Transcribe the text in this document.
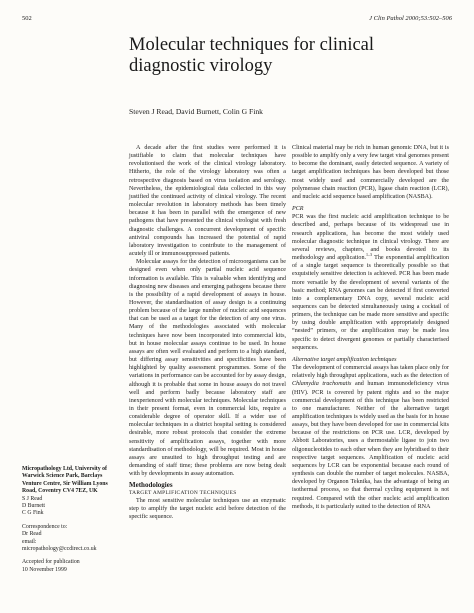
502	J Clin Pathol 2000;53:502–506
Molecular techniques for clinical diagnostic virology
Steven J Read, David Burnett, Colin G Fink
Micropathology Ltd, University of Warwick Science Park, Barclays Venture Centre, Sir William Lyons Road, Coventry CV4 7EZ, UK
S J Read
D Burnett
C G Fink
Correspondence to:
Dr Read
email:
micropathology@ccdirect.co.uk
Accepted for publication
10 November 1999

A decade after the first studies were performed it is justifiable to claim that molecular techniques have revolutionised the work of the clinical virology laboratory. Hitherto, the role of the virology laboratory was often a retrospective diagnosis based on virus isolation and serology. Nevertheless, the epidemiological data collected in this way justified the continued activity of clinical virology. The recent molecular revolution in laboratory methods has been timely because it has been in parallel with the emergence of new pathogens that have presented the clinical virologist with fresh diagnostic challenges. A concurrent development of specific antiviral compounds has increased the potential of rapid laboratory investigation to contribute to the management of acutely ill or immunosuppressed patients.

Molecular assays for the detection of microorganisms can be designed even when only partial nucleic acid sequence information is available. This is valuable when identifying and diagnosing new diseases and emerging pathogens because there is the possibility of a rapid development of assays in house. However, the standardisation of assay design is a continuing problem because of the large number of nucleic acid sequences that can be used as a target for the detection of any one virus. Many of the methodologies associated with molecular techniques have now been incorporated into commercial kits, but in house molecular assays continue to be used. In house assays are often well evaluated and perform to a high standard, but differing assay sensitivities and specificities have been highlighted by quality assessment programmes. Some of the variations in performance can be accounted for by assay design, although it is probable that some in house assays do not travel well and perform badly because laboratory staff are inexperienced with molecular techniques. Molecular techniques in their present format, even in commercial kits, require a considerable degree of operator skill. If a wider use of molecular techniques in a district hospital setting is considered desirable, more robust protocols that consider the extreme sensitivity of amplification assays, together with more standardisation of methodology, will be required. Most in house assays are unsuited to high throughput testing and are demanding of staff time; these problems are now being dealt with by developments in assay automation.

Methodologies
TARGET AMPLIFICATION TECHNIQUES

The most sensitive molecular techniques use an enzymatic step to amplify the target nucleic acid before detection of the specific sequence.

Clinical material may be rich in human genomic DNA, but it is possible to amplify only a very few target viral genomes present to become the dominant, easily detected sequence. A variety of target amplification techniques has been developed but those most widely used and commercially developed are the polymerase chain reaction (PCR), ligase chain reaction (LCR), and nucleic acid sequence based amplification (NASBA).

PCR

PCR was the first nucleic acid amplification technique to be described and, perhaps because of its widespread use in research applications, has become the most widely used molecular diagnostic technique in clinical virology. There are several reviews, chapters, and books devoted to its methodology and application.$^{1-3}$ The exponential amplification of a single target sequence is theoretically possible so that exquisitely sensitive detection is achieved. PCR has been made more versatile by the development of several variants of the basic method; RNA genomes can be detected if first converted into a complementary DNA copy, several nucleic acid sequences can be detected simultaneously using a cocktail of primers, the technique can be made more sensitive and specific by using double amplification with appropriately designed “nested” primers, or the amplification may be made less specific to detect divergent genomes or partially characterised sequences.

Alternative target amplification techniques

The development of commercial assays has taken place only for relatively high throughput applications, such as the detection of Chlamydia trachomatis and human immunodeficiency virus (HIV). PCR is covered by patent rights and so the major commercial development of this technique has been restricted to one manufacturer. Neither of the alternative target amplification techniques is widely used as the basis for in house assays, but they have been developed for use in commercial kits because of the restrictions on PCR use. LCR, developed by Abbott Laboratories, uses a thermostable ligase to join two oligonucleotides to each other when they are hybridised to their respective target sequences. Amplification of nucleic acid sequences by LCR can be exponential because each round of synthesis can double the number of target molecules. NASBA, developed by Organon Teknika, has the advantage of being an isothermal process, so that thermal cycling equipment is not required. Compared with the other nucleic acid amplification methods, it is particularly suited to the detection of RNA
